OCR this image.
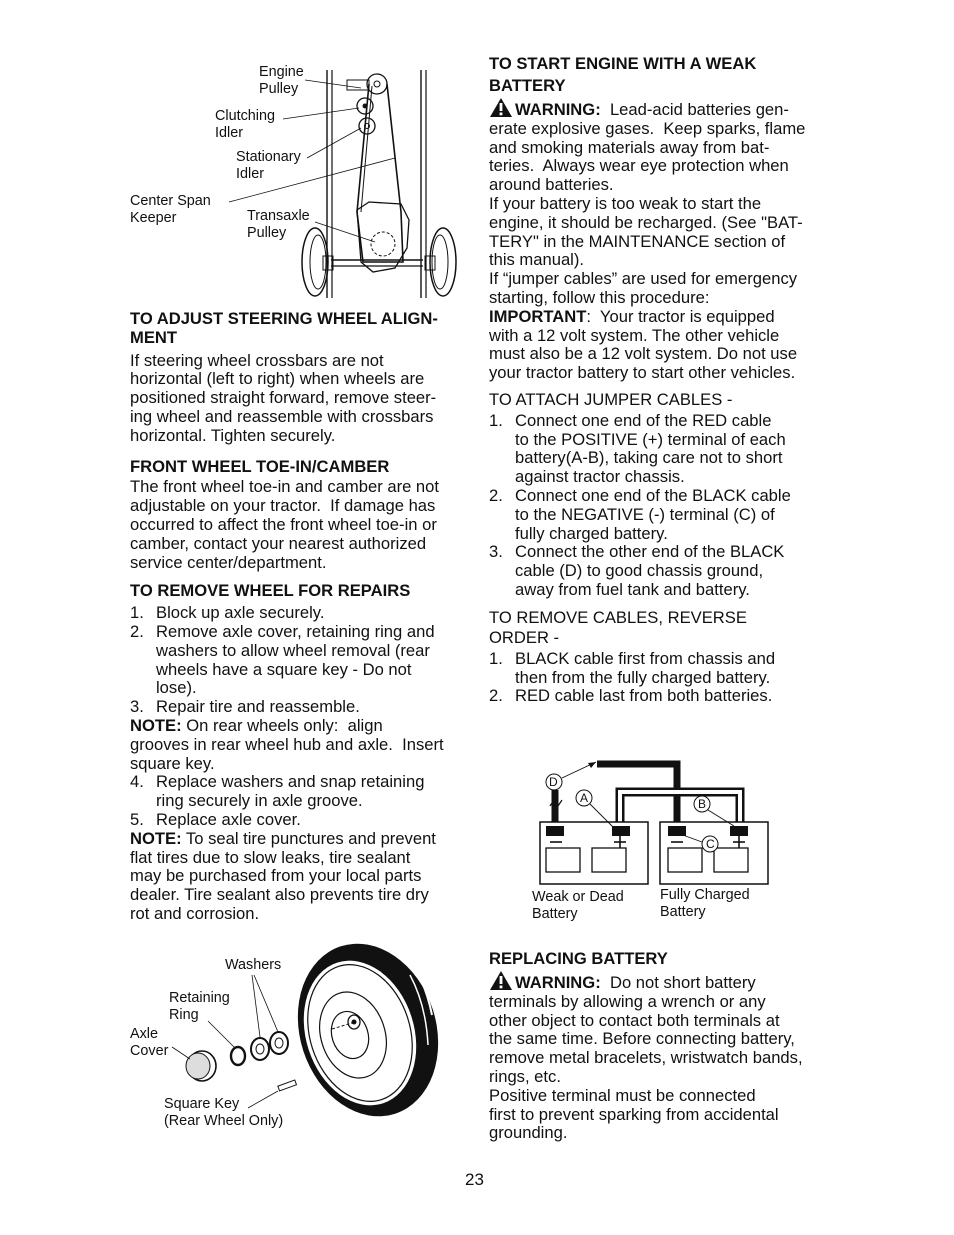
Engine
Pulley
Clutching
Idler
Stationary
Idler
Center Span
Keeper	Transaxle
Pulley
TO ADJUST STEERING WHEEL ALIGN-
MENT

If steering wheel crossbars are not
horizontal (left to right) when wheels are
positioned straight forward, remove steer-
ing wheel and reassemble with crossbars
horizontal. Tighten securely.

FRONT WHEEL TOE-IN/CAMBER

The front wheel toe-in and camber are not
adjustable on your tractor.  If damage has
occurred to affect the front wheel toe-in or
camber, contact your nearest authorized
service center/department.

TO REMOVE WHEEL FOR REPAIRS
1. Block up axle securely.
2. Remove axle cover, retaining ring and
washers to allow wheel removal (rear
wheels have a square key - Do not
lose).
3. Repair tire and reassemble.

NOTE: On rear wheels only:  align
grooves in rear wheel hub and axle.  Insert
square key.

4. Replace washers and snap retaining
ring securely in axle groove.
5. Replace axle cover.

NOTE: To seal tire punctures and prevent
flat tires due to slow leaks, tire sealant
may be purchased from your local parts
dealer. Tire sealant also prevents tire dry
rot and corrosion.

Washers
Retaining
Ring
Axle
Cover
Square Key
(Rear Wheel Only)
TO START ENGINE WITH A WEAK
BATTERY

WARNING:  Lead-acid batteries gen-
erate explosive gases.  Keep sparks, flame
and smoking materials away from bat-
teries.  Always wear eye protection when
around batteries.

If your battery is too weak to start the
engine, it should be recharged. (See "BAT-
TERY" in the MAINTENANCE section of
this manual).

If “jumper cables” are used for emergency
starting, follow this procedure:

IMPORTANT:  Your tractor is equipped
with a 12 volt system. The other vehicle
must also be a 12 volt system. Do not use
your tractor battery to start other vehicles.

TO ATTACH JUMPER CABLES -

1. Connect one end of the RED cable
to the POSITIVE (+) terminal of each
battery(A-B), taking care not to short
against tractor chassis.
2. Connect one end of the BLACK cable
to the NEGATIVE (-) terminal (C) of
fully charged battery.
3. Connect the other end of the BLACK
cable (D) to good chassis ground,
away from fuel tank and battery.

TO REMOVE CABLES, REVERSE
ORDER -

1. BLACK cable first from chassis and
then from the fully charged battery.
2. RED cable last from both batteries.
D
A	B
C
Weak or Dead
Battery
Fully Charged
Battery
REPLACING BATTERY

WARNING:  Do not short battery
terminals by allowing a wrench or any
other object to contact both terminals at
the same time. Before connecting battery,
remove metal bracelets, wristwatch bands,
rings, etc.

Positive terminal must be connected
first to prevent sparking from accidental
grounding.

23
